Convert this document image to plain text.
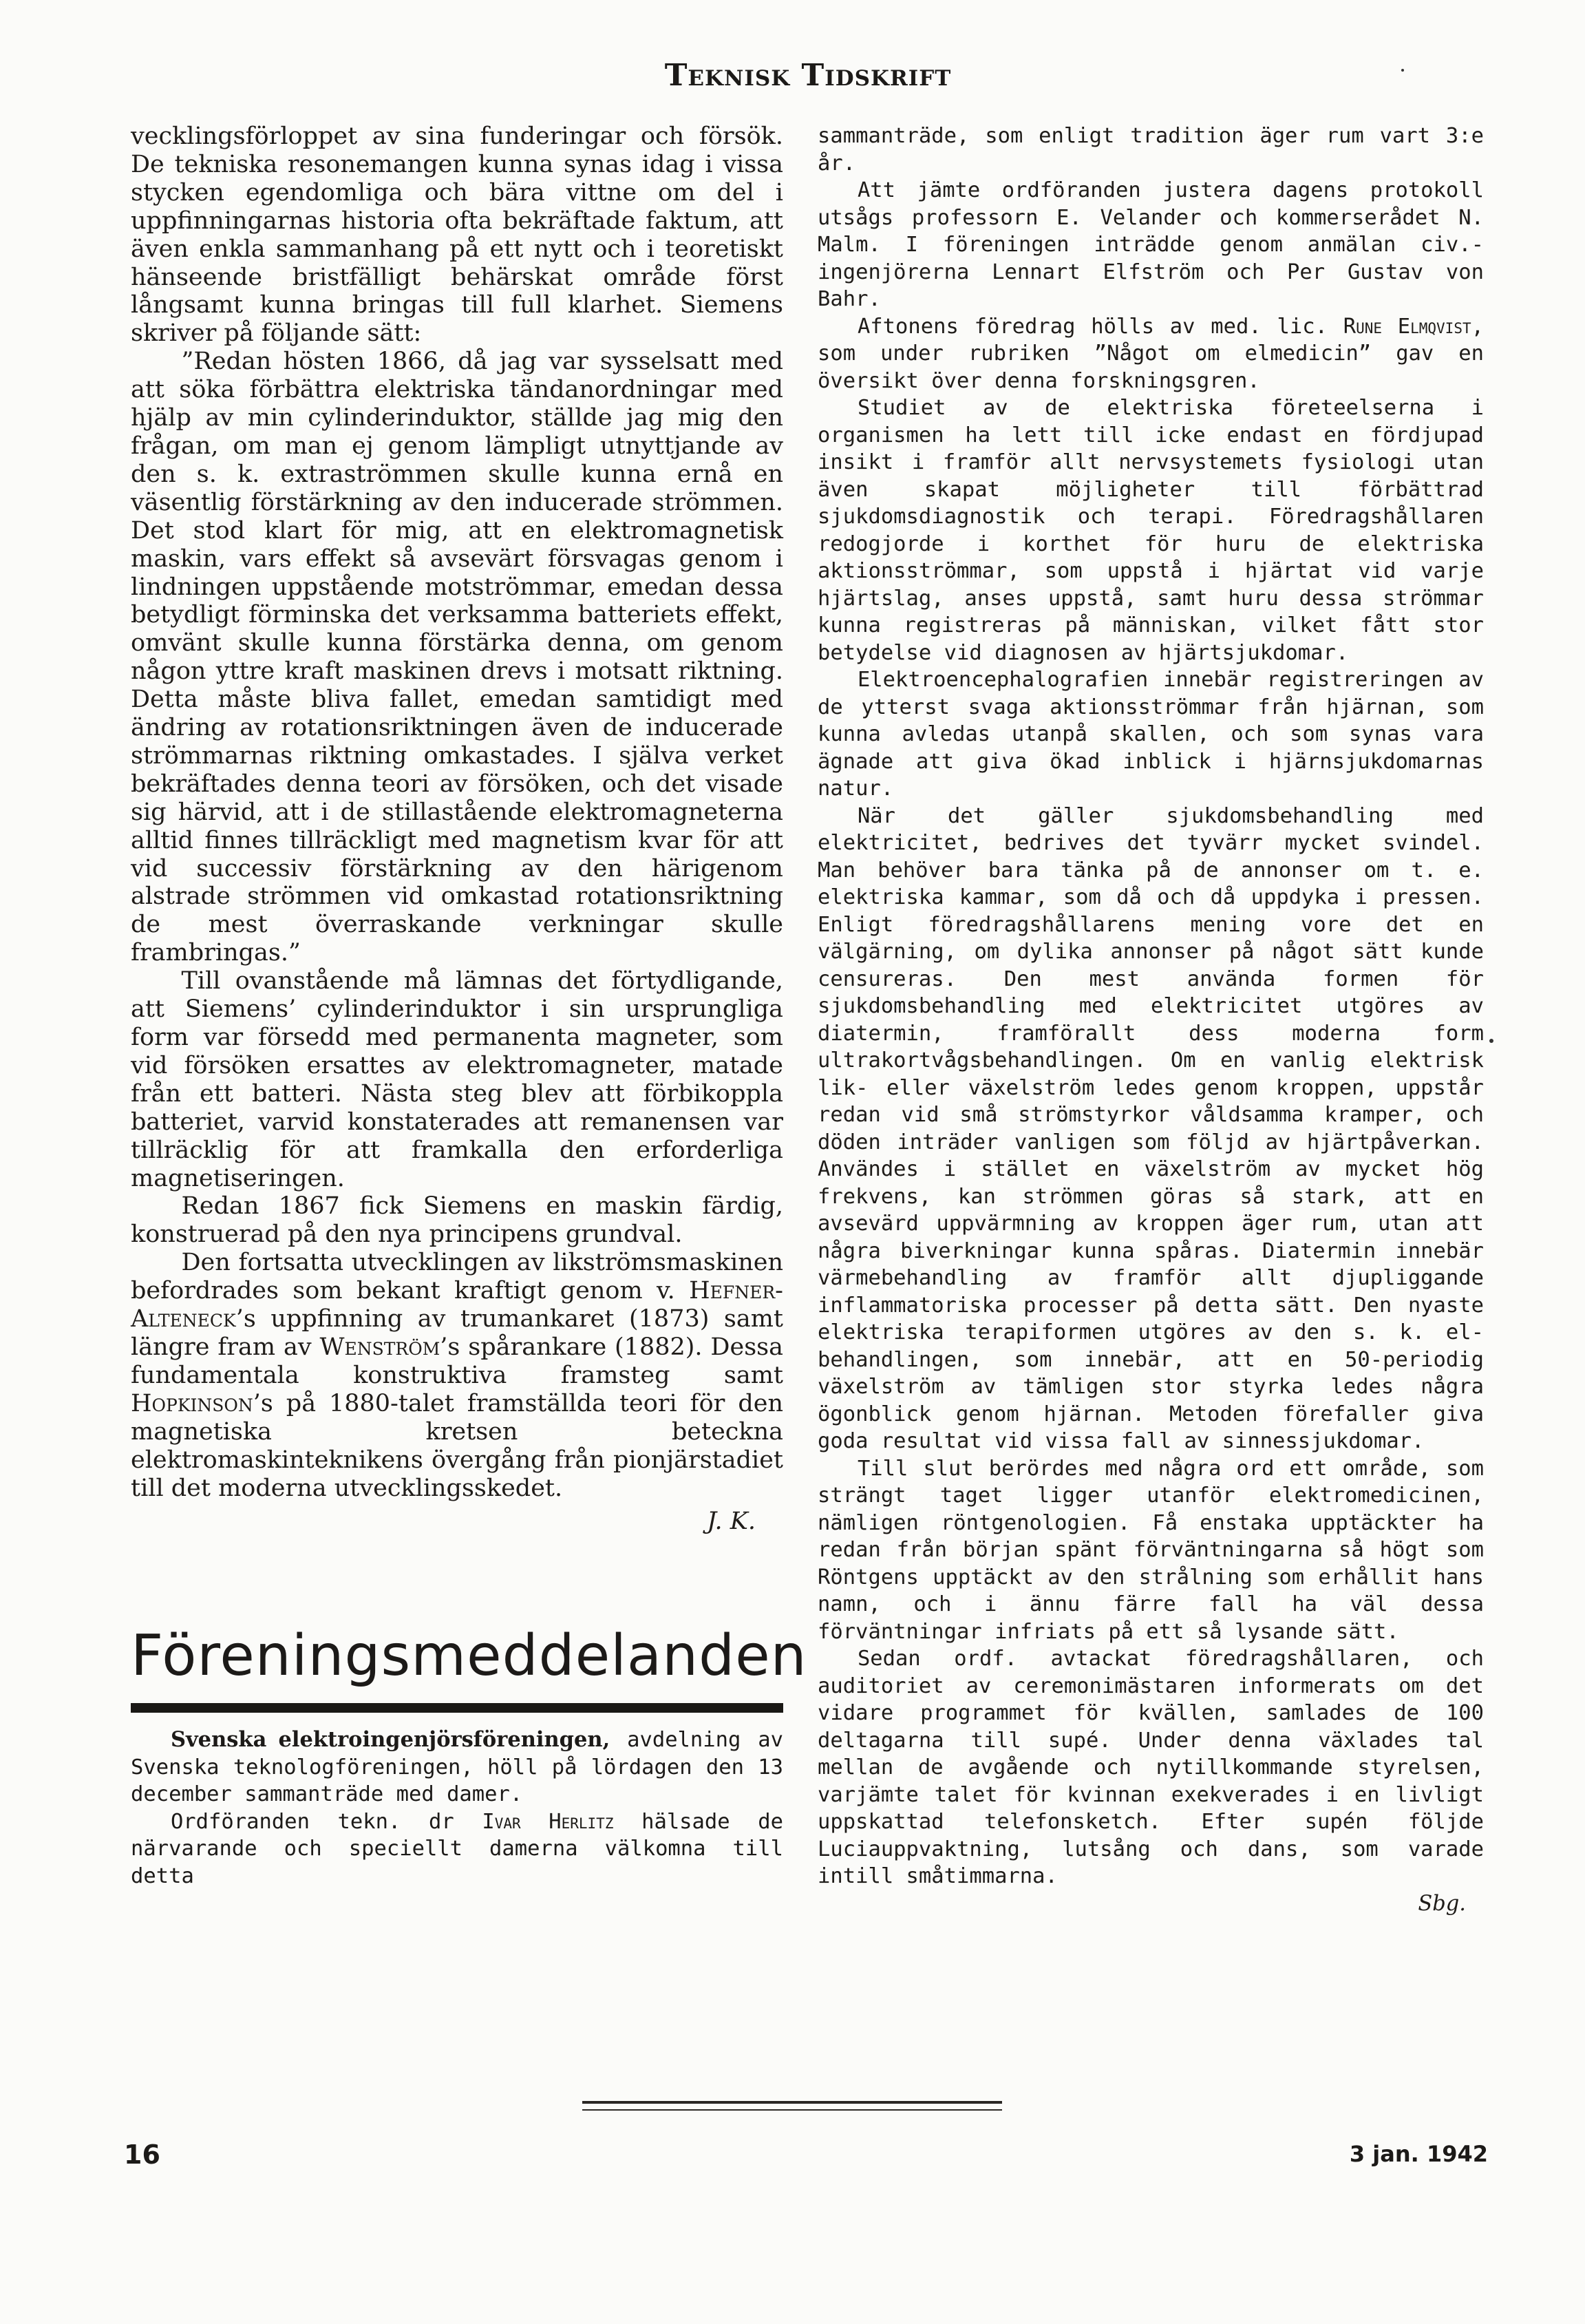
Teknisk Tidskrift

vecklingsförloppet av sina funderingar och försök. De tekniska resonemangen kunna synas idag i vissa stycken egendomliga och bära vittne om del i uppfinningarnas historia ofta bekräftade faktum, att även enkla sammanhang på ett nytt och i teoretiskt hänseende bristfälligt behärskat område först långsamt kunna bringas till full klarhet. Siemens skriver på följande sätt:

”Redan hösten 1866, då jag var sysselsatt med att söka förbättra elektriska tändanordningar med hjälp av min cylinderinduktor, ställde jag mig den frågan, om man ej genom lämpligt utnyttjande av den s. k. extraströmmen skulle kunna ernå en väsentlig förstärkning av den inducerade strömmen. Det stod klart för mig, att en elektromagnetisk maskin, vars effekt så avsevärt försvagas genom i lindningen uppstående motströmmar, emedan dessa betydligt förminska det verksamma batteriets effekt, omvänt skulle kunna förstärka denna, om genom någon yttre kraft maskinen drevs i motsatt riktning. Detta måste bliva fallet, emedan samtidigt med ändring av rotationsriktningen även de inducerade strömmarnas riktning omkastades. I själva verket bekräftades denna teori av försöken, och det visade sig härvid, att i de stillastående elektromagneterna alltid finnes tillräckligt med magnetism kvar för att vid successiv förstärkning av den härigenom alstrade strömmen vid omkastad rotationsriktning de mest överraskande verkningar skulle frambringas.”

Till ovanstående må lämnas det förtydligande, att Siemens’ cylinderinduktor i sin ursprungliga form var försedd med permanenta magneter, som vid försöken ersattes av elektromagneter, matade från ett batteri. Nästa steg blev att förbikoppla batteriet, varvid konstaterades att remanensen var tillräcklig för att framkalla den erforderliga magnetiseringen.

Redan 1867 fick Siemens en maskin färdig, konstruerad på den nya principens grundval.

Den fortsatta utvecklingen av likströmsmaskinen befordrades som bekant kraftigt genom v. Hefner-Alteneck’s uppfinning av trumankaret (1873) samt längre fram av Wenström’s spårankare (1882). Dessa fundamentala konstruktiva framsteg samt Hopkinson’s på 1880-talet framställda teori för den magnetiska kretsen beteckna elektromaskinteknikens övergång från pionjärstadiet till det moderna utvecklingsskedet.

J. K.

Föreningsmeddelanden

Svenska elektroingenjörsföreningen, avdelning av Svenska teknologföreningen, höll på lördagen den 13 december sammanträde med damer.

Ordföranden tekn. dr Ivar Herlitz hälsade de närvarande och speciellt damerna välkomna till detta

sammanträde, som enligt tradition äger rum vart 3:e år.

Att jämte ordföranden justera dagens protokoll utsågs professorn E. Velander och kommerserådet N. Malm. I föreningen inträdde genom anmälan civ.-ingenjörerna Lennart Elfström och Per Gustav von Bahr.

Aftonens föredrag hölls av med. lic. Rune Elmqvist, som under rubriken ”Något om elmedicin” gav en översikt över denna forskningsgren.

Studiet av de elektriska företeelserna i organismen ha lett till icke endast en fördjupad insikt i framför allt nervsystemets fysiologi utan även skapat möjligheter till förbättrad sjukdomsdiagnostik och terapi. Föredragshållaren redogjorde i korthet för huru de elektriska aktionsströmmar, som uppstå i hjärtat vid varje hjärtslag, anses uppstå, samt huru dessa strömmar kunna registreras på människan, vilket fått stor betydelse vid diagnosen av hjärtsjukdomar.

Elektroencephalografien innebär registreringen av de ytterst svaga aktionsströmmar från hjärnan, som kunna avledas utanpå skallen, och som synas vara ägnade att giva ökad inblick i hjärnsjukdomarnas natur.

När det gäller sjukdomsbehandling med elektricitet, bedrives det tyvärr mycket svindel. Man behöver bara tänka på de annonser om t. e. elektriska kammar, som då och då uppdyka i pressen. Enligt föredragshållarens mening vore det en välgärning, om dylika annonser på något sätt kunde censureras. Den mest använda formen för sjukdomsbehandling med elektricitet utgöres av diatermin, framförallt dess moderna form ultrakortvågsbehandlingen. Om en vanlig elektrisk lik- eller växelström ledes genom kroppen, uppstår redan vid små strömstyrkor våldsamma kramper, och döden inträder vanligen som följd av hjärtpåverkan. Användes i stället en växelström av mycket hög frekvens, kan strömmen göras så stark, att en avsevärd uppvärmning av kroppen äger rum, utan att några biverkningar kunna spåras. Diatermin innebär värmebehandling av framför allt djupliggande inflammatoriska processer på detta sätt. Den nyaste elektriska terapiformen utgöres av den s. k. el-behandlingen, som innebär, att en 50-periodig växelström av tämligen stor styrka ledes några ögonblick genom hjärnan. Metoden förefaller giva goda resultat vid vissa fall av sinnessjukdomar.

Till slut berördes med några ord ett område, som strängt taget ligger utanför elektromedicinen, nämligen röntgenologien. Få enstaka upptäckter ha redan från början spänt förväntningarna så högt som Röntgens upptäckt av den strålning som erhållit hans namn, och i ännu färre fall ha väl dessa förväntningar infriats på ett så lysande sätt.

Sedan ordf. avtackat föredragshållaren, och auditoriet av ceremonimästaren informerats om det vidare programmet för kvällen, samlades de 100 deltagarna till supé. Under denna växlades tal mellan de avgående och nytillkommande styrelsen, varjämte talet för kvinnan exekverades i en livligt uppskattad telefonsketch. Efter supén följde Luciauppvaktning, lutsång och dans, som varade intill småtimmarna.

Sbg.

16	3 jan. 1942
